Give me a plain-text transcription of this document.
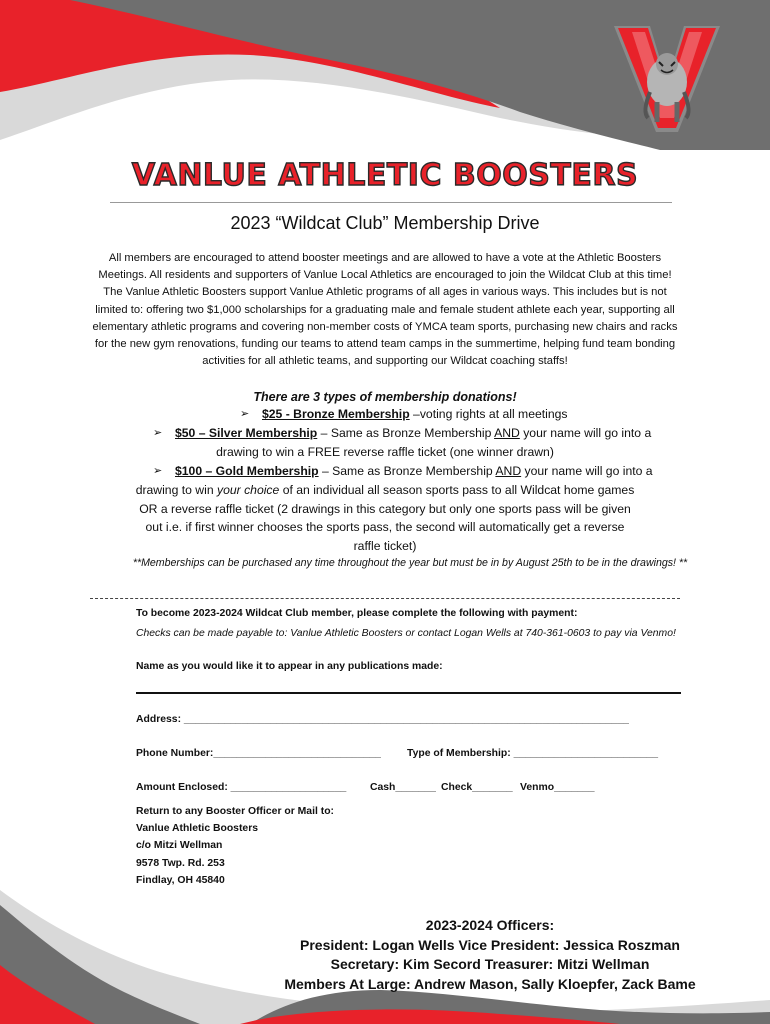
VANLUE ATHLETIC BOOSTERS
2023 “Wildcat Club” Membership Drive

All members are encouraged to attend booster meetings and are allowed to have a vote at the Athletic Boosters Meetings. All residents and supporters of Vanlue Local Athletics are encouraged to join the Wildcat Club at this time!

The Vanlue Athletic Boosters support Vanlue Athletic programs of all ages in various ways. This includes but is not limited to: offering two $1,000 scholarships for a graduating male and female student athlete each year, supporting all elementary athletic programs and covering non-member costs of YMCA team sports, purchasing new chairs and racks for the new gym renovations, funding our teams to attend team camps in the summertime, helping fund team bonding activities for all athletic teams, and supporting our Wildcat coaching staffs!

There are 3 types of membership donations!
➢ $25 - Bronze Membership –voting rights at all meetings
➢ $50 – Silver Membership – Same as Bronze Membership AND your name will go into a
drawing to win a FREE reverse raffle ticket (one winner drawn)
➢ $100 – Gold Membership – Same as Bronze Membership AND your name will go into a
drawing to win your choice of an individual all season sports pass to all Wildcat home games
OR a reverse raffle ticket (2 drawings in this category but only one sports pass will be given
out i.e. if first winner chooses the sports pass, the second will automatically get a reverse
raffle ticket)
**Memberships can be purchased any time throughout the year but must be in by August 25th to be in the drawings! **
To become 2023-2024 Wildcat Club member, please complete the following with payment:
Checks can be made payable to: Vanlue Athletic Boosters or contact Logan Wells at 740-361-0603 to pay via Venmo!
Name as you would like it to appear in any publications made:
Address: _____________________________________________________________________________
Phone Number:_____________________________	Type of Membership: _________________________
Amount Enclosed: ____________________ Cash_______ Check_______ Venmo_______
Return to any Booster Officer or Mail to:
Vanlue Athletic Boosters
c/o Mitzi Wellman
9578 Twp. Rd. 253
Findlay, OH 45840
2023-2024 Officers:
President: Logan Wells Vice President: Jessica Roszman
Secretary: Kim Secord Treasurer: Mitzi Wellman
Members At Large: Andrew Mason, Sally Kloepfer, Zack Bame
